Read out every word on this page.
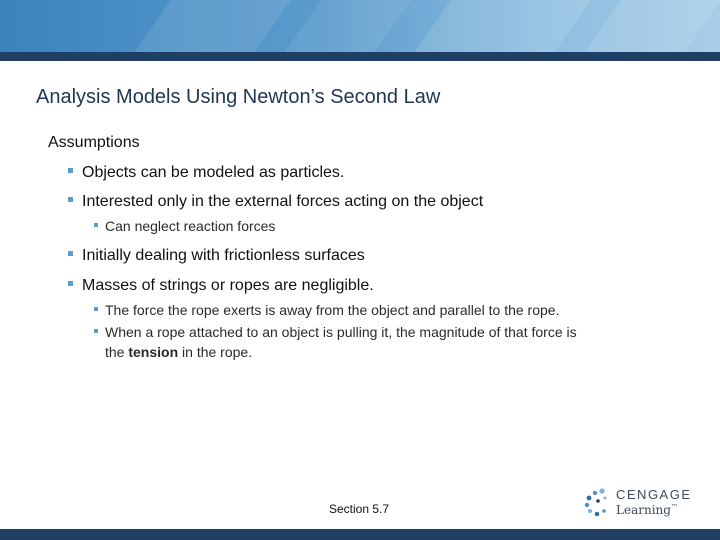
Analysis Models Using Newton’s Second Law
Assumptions
Objects can be modeled as particles.
Interested only in the external forces acting on the object
Can neglect reaction forces
Initially dealing with frictionless surfaces
Masses of strings or ropes are negligible.
The force the rope exerts is away from the object and parallel to the rope.
When a rope attached to an object is pulling it, the magnitude of that force is
the tension in the rope.
Section 5.7
CENGAGE
Learning™
